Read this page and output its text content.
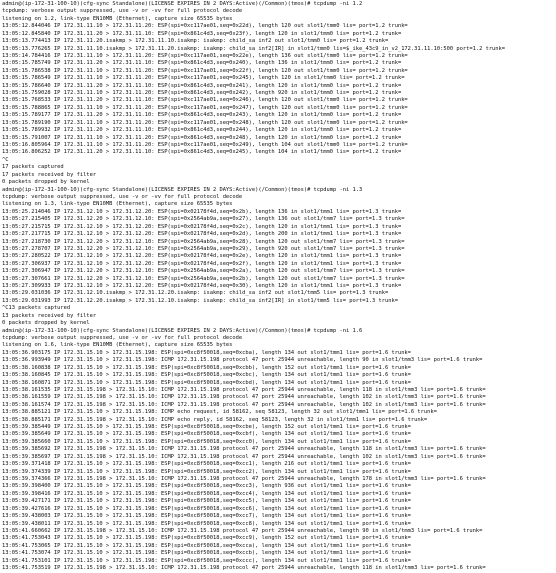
admin@(ip-172-31-100-10)(cfg-sync Standalone)(LICENSE EXPIRES IN 2 DAYS:Active)(/Common)(tmos)# tcpdump -ni 1.2
tcpdump: verbose output suppressed, use -v or -vv for full protocol decode
listening on 1.2, link-type EN10MB (Ethernet), capture size 65535 bytes
13:05:12.844046 IP 172.31.11.10 > 172.31.11.20: ESP(spi=0xc117ae01,seq=0x22d), length 120 out slot1/tmm0 lis= port=1.2 trunk=
13:05:12.845840 IP 172.31.11.20 > 172.31.11.10: ESP(spi=0x861c4d3,seq=0x23f), length 120 in slot1/tmm0 lis= port=1.2 trunk=
13:05:13.774413 IP 172.31.11.20.isakmp > 172.31.11.10.isakmp: isakmp: child_sa inf2 out slot1/tmm0 lis= port=1.2 trunk=
13:05:13.776265 IP 172.31.11.10.isakmp > 172.31.11.20.isakmp: isakmp: child_sa inf2[IR] in slot1/tmm0 lis=$_ike_43c9_in_v2_172.31.11.10:500 port=1.2 trunk=
13:05:14.784416 IP 172.31.11.10 > 172.31.11.20: ESP(spi=0xc117ae01,seq=0x22e), length 136 out slot1/tmm0 lis= port=1.2 trunk=
13:05:15.785749 IP 172.31.11.20 > 172.31.11.10: ESP(spi=0x861c4d3,seq=0x240), length 136 in slot1/tmm0 lis= port=1.2 trunk=
13:05:15.786538 IP 172.31.11.10 > 172.31.11.20: ESP(spi=0xc117ae01,seq=0x22f), length 120 out slot1/tmm0 lis= port=1.2 trunk=
13:05:15.786549 IP 172.31.11.10 > 172.31.11.20: ESP(spi=0xc117ae01,seq=0x245), length 120 in slot1/tmm0 lis= port=1.2 trunk=
13:05:15.786640 IP 172.31.11.20 > 172.31.11.10: ESP(spi=0x861c4d3,seq=0x241), length 120 in slot1/tmm0 lis= port=1.2 trunk=
13:05:15.759028 IP 172.31.11.10 > 172.31.11.20: ESP(spi=0x861c4d3,seq=0x242), length 920 in slot1/tmm0 lis= port=1.2 trunk=
13:05:15.768533 IP 172.31.11.20 > 172.31.11.10: ESP(spi=0xc117ae01,seq=0x246), length 120 out slot1/tmm0 lis= port=1.2 trunk=
13:05:15.788865 IP 172.31.11.10 > 172.31.11.20: ESP(spi=0xc117ae01,seq=0x247), length 120 out slot1/tmm0 lis= port=1.2 trunk=
13:05:15.789177 IP 172.31.11.20 > 172.31.11.10: ESP(spi=0x861c4d3,seq=0x243), length 120 in slot1/tmm0 lis= port=1.2 trunk=
13:05:15.789190 IP 172.31.11.10 > 172.31.11.20: ESP(spi=0xc117ae01,seq=0x248), length 120 out slot1/tmm0 lis= port=1.2 trunk=
13:05:15.789932 IP 172.31.11.20 > 172.31.11.10: ESP(spi=0x861c4d3,seq=0x244), length 120 in slot1/tmm0 lis= port=1.2 trunk=
13:05:15.791007 IP 172.31.11.10 > 172.31.11.20: ESP(spi=0x861c4d3,seq=0x248), length 120 in slot1/tmm0 lis= port=1.2 trunk=
13:05:16.805964 IP 172.31.11.10 > 172.31.11.20: ESP(spi=0xc117ae01,seq=0x249), length 104 out slot1/tmm0 lis= port=1.2 trunk=
13:05:16.806252 IP 172.31.11.20 > 172.31.11.10: ESP(spi=0x861c4d3,seq=0x245), length 104 in slot1/tmm0 lis= port=1.2 trunk=
^C
17 packets captured
17 packets received by filter
0 packets dropped by kernel
admin@(ip-172-31-100-10)(cfg-sync Standalone)(LICENSE EXPIRES IN 2 DAYS:Active)(/Common)(tmos)# tcpdump -ni 1.3
tcpdump: verbose output suppressed, use -v or -vv for full protocol decode
listening on 1.3, link-type EN10MB (Ethernet), capture size 65535 bytes
13:05:25.214046 IP 172.31.12.10 > 172.31.12.20: ESP(spi=0x02178f4d,seq=0x2b), length 136 in slot1/tmm1 lis= port=1.3 trunk=
13:05:27.215405 IP 172.31.12.20 > 172.31.12.10: ESP(spi=0x2564ab9a,seq=0x27), length 136 out slot1/tmm7 lis= port=1.3 trunk=
13:05:27.215715 IP 172.31.12.10 > 172.31.12.20: ESP(spi=0x02178f4d,seq=0x2c), length 120 in slot1/tmm1 lis= port=1.3 trunk=
13:05:27.217715 IP 172.31.12.10 > 172.31.12.20: ESP(spi=0x02178f4d,seq=0x2d), length 200 in slot1/tmm1 lis= port=1.3 trunk=
13:05:27.218730 IP 172.31.12.20 > 172.31.12.10: ESP(spi=0x2564ab9a,seq=0x28), length 120 out slot1/tmm7 lis= port=1.3 trunk=
13:05:27.278707 IP 172.31.12.20 > 172.31.12.10: ESP(spi=0x2564ab9a,seq=0x29), length 920 out slot1/tmm7 lis= port=1.3 trunk=
13:05:27.280522 IP 172.31.12.10 > 172.31.12.20: ESP(spi=0x02178f4d,seq=0x2e), length 120 in slot1/tmm1 lis= port=1.3 trunk=
13:05:27.306937 IP 172.31.12.10 > 172.31.12.20: ESP(spi=0x02178f4d,seq=0x2f), length 120 in slot1/tmm1 lis= port=1.3 trunk=
13:05:27.306947 IP 172.31.12.20 > 172.31.12.10: ESP(spi=0x2564ab9a,seq=0x2a), length 120 out slot1/tmm7 lis= port=1.3 trunk=
13:05:27.307661 IP 172.31.12.20 > 172.31.12.10: ESP(spi=0x2564ab9a,seq=0x2b), length 120 out slot1/tmm7 lis= port=1.3 trunk=
13:05:27.309933 IP 172.31.12.10 > 172.31.12.20: ESP(spi=0x02178f4d,seq=0x30), length 120 in slot1/tmm1 lis= port=1.3 trunk=
13:05:29.031036 IP 172.31.12.10.isakmp > 172.31.12.20.isakmp: isakmp: child_sa inf2 out slot1/tmm5 lis= port=1.3 trunk=
13:05:29.031993 IP 172.31.12.20.isakmp > 172.31.12.10.isakmp: isakmp: child_sa inf2[IR] in slot1/tmm5 lis= port=1.3 trunk=
^C13 packets captured
13 packets received by filter
0 packets dropped by kernel
admin@(ip-172-31-100-10)(cfg-sync Standalone)(LICENSE EXPIRES IN 2 DAYS:Active)(/Common)(tmos)# tcpdump -ni 1.6
tcpdump: verbose output suppressed, use -v or -vv for full protocol decode
listening on 1.6, link-type EN10MB (Ethernet), capture size 65535 bytes
13:05:36.903175 IP 172.31.15.10 > 172.31.15.198: ESP(spi=0xc8f50018,seq=0xcba), length 134 out slot1/tmm1 lis= port=1.6 trunk=
13:05:36.993949 IP 172.31.15.10 > 172.31.15.198: ICMP 172.31.15.198 protocol 47 port 25944 unreachable, length 90 in slot1/tmm3 lis= port=1.6 trunk=
13:05:38.160838 IP 172.31.15.10 > 172.31.15.198: ESP(spi=0xc8f50018,seq=0xcbb), length 152 out slot1/tmm1 lis= port=1.6 trunk=
13:05:38.160845 IP 172.31.15.10 > 172.31.15.198: ESP(spi=0xc8f50018,seq=0xcbc), length 134 out slot1/tmm1 lis= port=1.6 trunk=
13:05:38.160871 IP 172.31.15.10 > 172.31.15.198: ESP(spi=0xc8f50018,seq=0xcbd), length 134 out slot1/tmm1 lis= port=1.6 trunk=
13:05:38.161535 IP 172.31.15.198 > 172.31.15.10: ICMP 172.31.15.198 protocol 47 port 25944 unreachable, length 118 in slot1/tmm3 lis= port=1.6 trunk=
13:05:38.161559 IP 172.31.15.198 > 172.31.15.10: ICMP 172.31.15.198 protocol 47 port 25944 unreachable, length 102 in slot1/tmm3 lis= port=1.6 trunk=
13:05:38.161574 IP 172.31.15.198 > 172.31.15.10: ICMP 172.31.15.198 protocol 47 port 25944 unreachable, length 102 in slot1/tmm3 lis= port=1.6 trunk=
13:05:38.885121 IP 172.31.15.10 > 172.31.15.198: ICMP echo request, id 58162, seq 58123, length 32 out slot1/tmm1 lis= port=1.6 trunk=
13:05:38.885171 IP 172.31.15.198 > 172.31.15.10: ICMP echo reply, id 58162, seq 58123, length 32 in slot1/tmm1 lis= port=1.6 trunk=
13:05:39.385449 IP 172.31.15.10 > 172.31.15.198: ESP(spi=0xc8f50018,seq=0xcbe), length 152 out slot1/tmm1 lis= port=1.6 trunk=
13:05:39.385649 IP 172.31.15.10 > 172.31.15.198: ESP(spi=0xc8f50018,seq=0xcbf), length 134 out slot1/tmm1 lis= port=1.6 trunk=
13:05:39.385660 IP 172.31.15.10 > 172.31.15.198: ESP(spi=0xc8f50018,seq=0xcc0), length 134 out slot1/tmm1 lis= port=1.6 trunk=
13:05:39.385692 IP 172.31.15.198 > 172.31.15.10: ICMP 172.31.15.198 protocol 47 port 25944 unreachable, length 118 in slot1/tmm3 lis= port=1.6 trunk=
13:05:39.385697 IP 172.31.15.198 > 172.31.15.10: ICMP 172.31.15.198 protocol 47 port 25944 unreachable, length 102 in slot1/tmm3 lis= port=1.6 trunk=
13:05:39.371418 IP 172.31.15.10 > 172.31.15.198: ESP(spi=0xc8f50018,seq=0xcc1), length 216 out slot1/tmm1 lis= port=1.6 trunk=
13:05:39.374339 IP 172.31.15.10 > 172.31.15.198: ESP(spi=0xc8f50018,seq=0xcc2), length 134 out slot1/tmm1 lis= port=1.6 trunk=
13:05:39.374366 IP 172.31.15.198 > 172.31.15.10: ICMP 172.31.15.198 protocol 47 port 25944 unreachable, length 178 in slot1/tmm3 lis= port=1.6 trunk=
13:05:39.398400 IP 172.31.15.10 > 172.31.15.198: ESP(spi=0xc8f50018,seq=0xcc3), length 936 out slot1/tmm1 lis= port=1.6 trunk=
13:05:39.398416 IP 172.31.15.10 > 172.31.15.198: ESP(spi=0xc8f50018,seq=0xcc4), length 134 out slot1/tmm1 lis= port=1.6 trunk=
13:05:39.427171 IP 172.31.15.10 > 172.31.15.198: ESP(spi=0xc8f50018,seq=0xcc5), length 134 out slot1/tmm1 lis= port=1.6 trunk=
13:05:39.427616 IP 172.31.15.10 > 172.31.15.198: ESP(spi=0xc8f50018,seq=0xcc6), length 134 out slot1/tmm1 lis= port=1.6 trunk=
13:05:39.438003 IP 172.31.15.10 > 172.31.15.198: ESP(spi=0xc8f50018,seq=0xcc7), length 134 out slot1/tmm1 lis= port=1.6 trunk=
13:05:39.438011 IP 172.31.15.10 > 172.31.15.198: ESP(spi=0xc8f50018,seq=0xcc8), length 134 out slot1/tmm1 lis= port=1.6 trunk=
13:05:41.660662 IP 172.31.15.198 > 172.31.15.10: ICMP 172.31.15.198 protocol 47 port 25944 unreachable, length 90 in slot1/tmm3 lis= port=1.6 trunk=
13:05:41.753043 IP 172.31.15.10 > 172.31.15.198: ESP(spi=0xc8f50018,seq=0xcc9), length 152 out slot1/tmm1 lis= port=1.6 trunk=
13:05:41.753065 IP 172.31.15.10 > 172.31.15.198: ESP(spi=0xc8f50018,seq=0xcca), length 134 out slot1/tmm1 lis= port=1.6 trunk=
13:05:41.753074 IP 172.31.15.10 > 172.31.15.198: ESP(spi=0xc8f50018,seq=0xccb), length 134 out slot1/tmm1 lis= port=1.6 trunk=
13:05:41.753101 IP 172.31.15.10 > 172.31.15.198: ESP(spi=0xc8f50018,seq=0xccc), length 134 out slot1/tmm1 lis= port=1.6 trunk=
13:05:41.753519 IP 172.31.15.198 > 172.31.15.10: ICMP 172.31.15.198 protocol 47 port 25944 unreachable, length 118 in slot1/tmm3 lis= port=1.6 trunk=
